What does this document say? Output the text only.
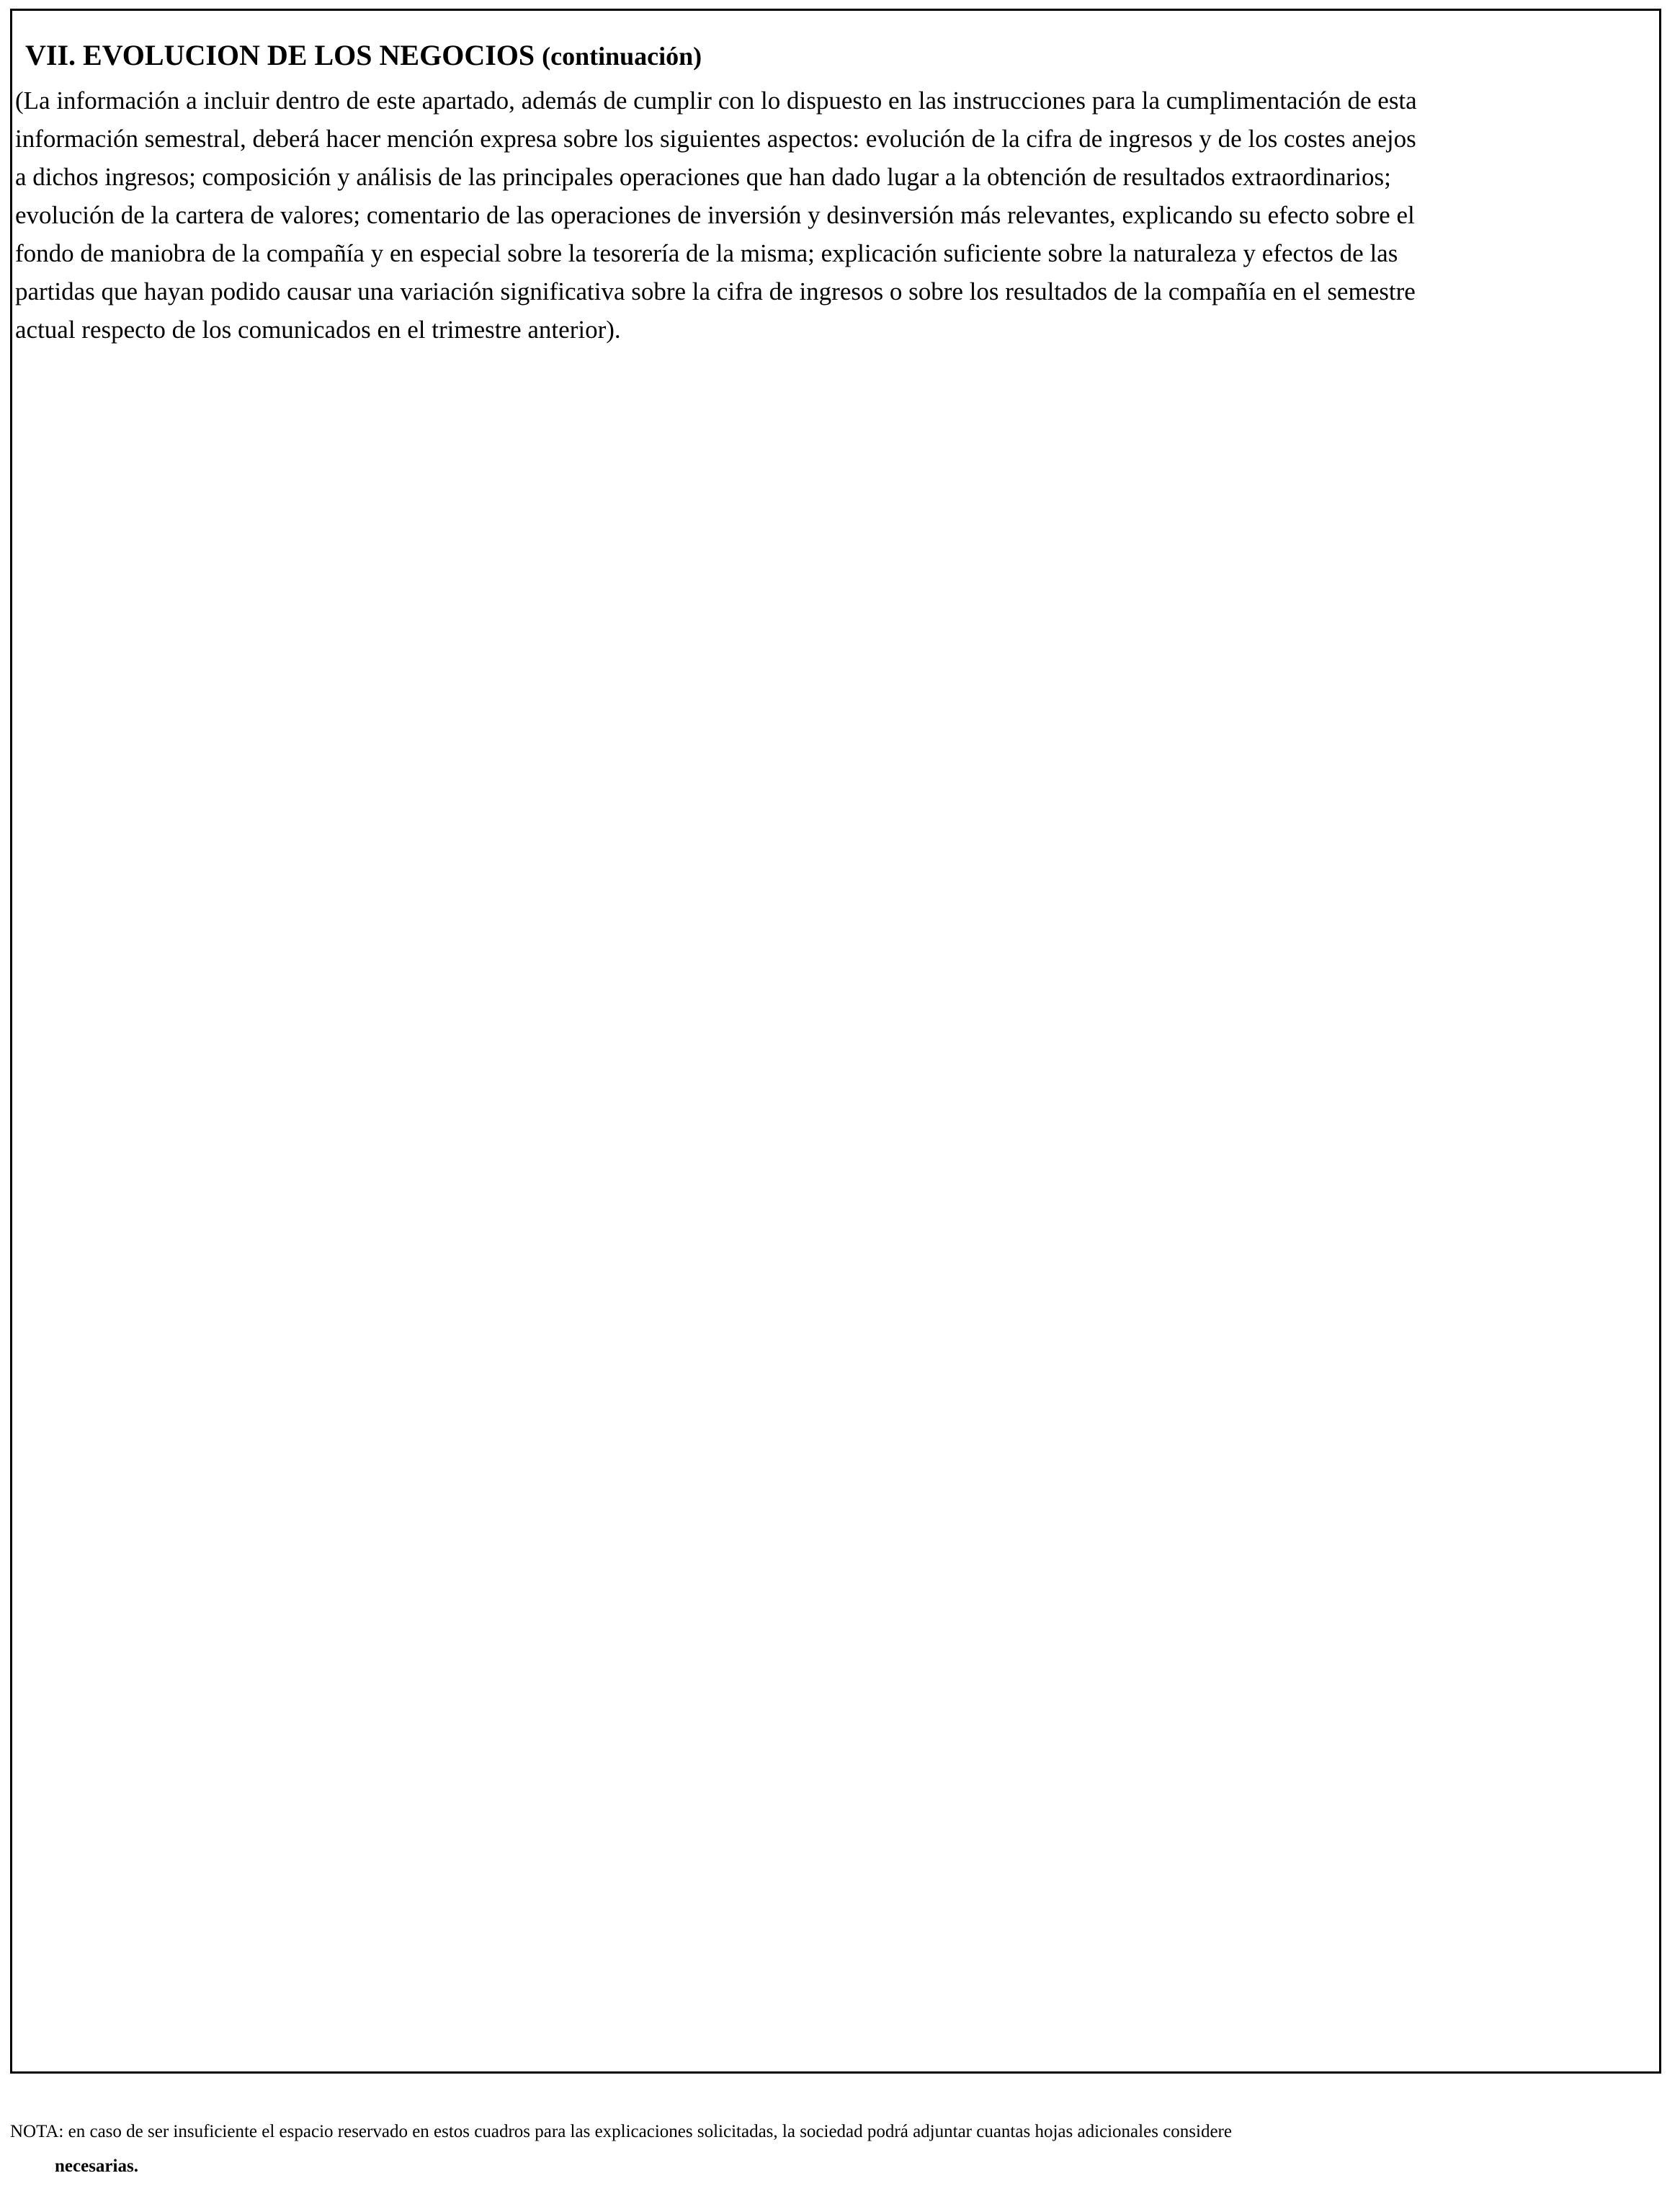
VII. EVOLUCION DE LOS NEGOCIOS (continuación)

(La información a incluir dentro de este apartado, además de cumplir con lo dispuesto en las instrucciones para la cumplimentación de esta
información semestral, deberá hacer mención expresa sobre los siguientes aspectos: evolución de la cifra de ingresos y de los costes anejos
a dichos ingresos; composición y análisis de las principales operaciones que han dado lugar a la obtención de resultados extraordinarios;
evolución de la cartera de valores; comentario de las operaciones de inversión y desinversión más relevantes, explicando su efecto sobre el
fondo de maniobra de la compañía y en especial sobre la tesorería de la misma; explicación suficiente sobre la naturaleza y efectos de las
partidas que hayan podido causar una variación significativa sobre la cifra de ingresos o sobre los resultados de la compañía en el semestre
actual respecto de los comunicados en el trimestre anterior).

NOTA: en caso de ser insuficiente el espacio reservado en estos cuadros para las explicaciones solicitadas, la sociedad podrá adjuntar cuantas hojas adicionales considere
necesarias.
